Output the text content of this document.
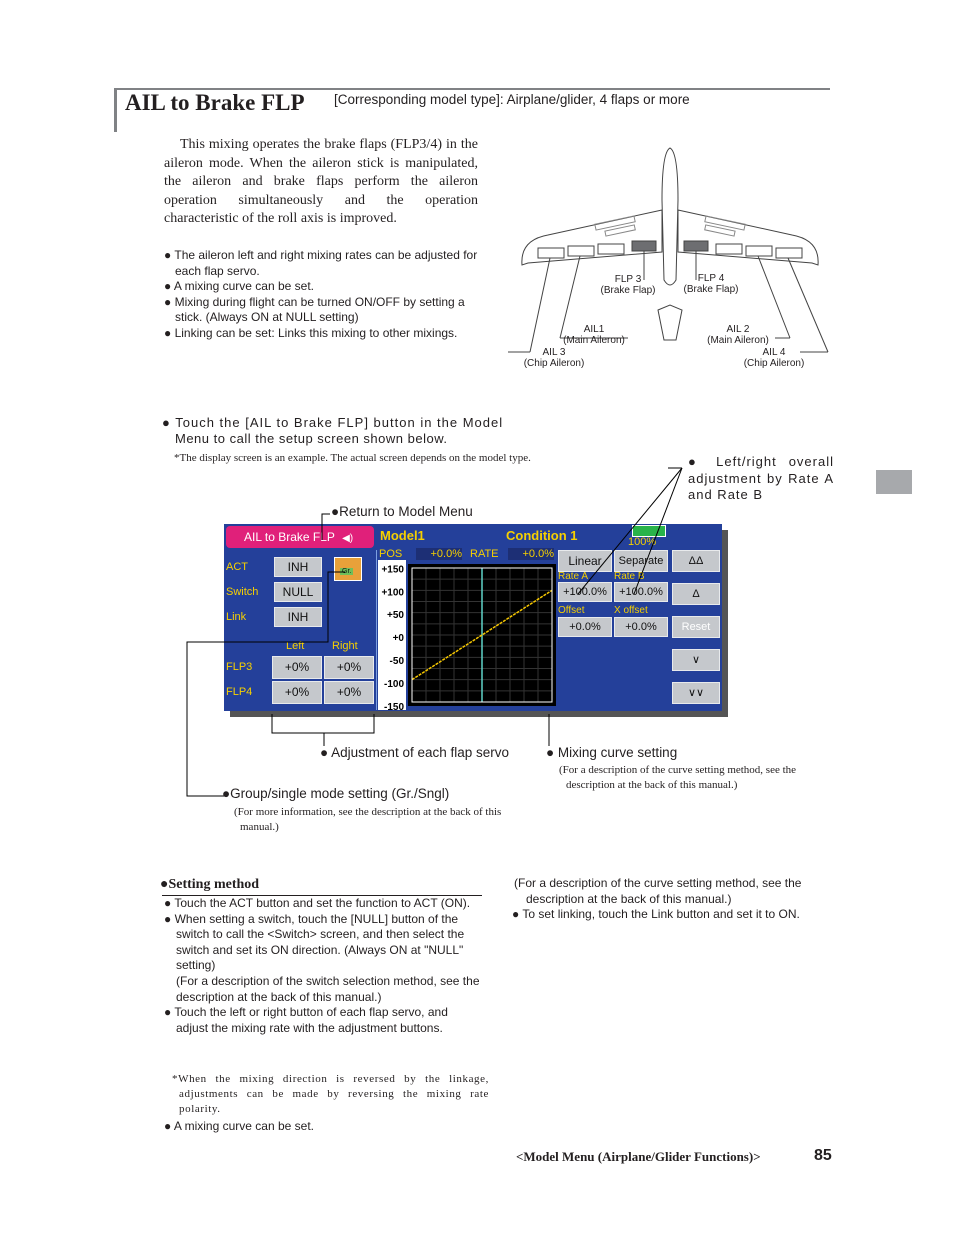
AIL to Brake FLP [Corresponding model type]: Airplane/glider, 4 flaps or more

This mixing operates the brake flaps (FLP3/4) in the aileron mode. When the aileron stick is manipulated, the aileron and brake flaps perform the aileron operation simultaneously and the operation characteristic of the roll axis is improved.

● The aileron left and right mixing rates can be adjusted for each flap servo.
● A mixing curve can be set.
● Mixing during flight can be turned ON/OFF by setting a stick. (Always ON at NULL setting)
● Linking can be set: Links this mixing to other mixings.
FLP 3
(Brake Flap)
FLP 4
(Brake Flap)
AIL1
(Main Aileron)
AIL 2
(Main Aileron)
AIL 3
(Chip Aileron)
AIL 4
(Chip Aileron)
● Touch the [AIL to Brake FLP] button in the Model
Menu to call the setup screen shown below.
*The display screen is an example. The actual screen depends on the model type.	● Left/right overall adjustment by Rate A and Rate B
●Return to Model Menu
AIL to Brake FLP ◀)	Model1	Condition 1	100%
ACT	INH
Switch	NULL
Link	INH
Gr.
Left	Right
FLP3	+0%	+0%
FLP4	+0%	+0%
POS	+0.0% RATE	+0.0%
+150
+100
+50
+0
-50
-100
-150
Linear	Separate
Rate A	Rate B
+100.0%	+100.0%
Offset	X offset
+0.0%	+0.0%
ΔΔ
Δ
Reset
∨
∨∨
● Adjustment of each flap servo	● Mixing curve setting
(For a description of the curve setting method, see the description at the back of this manual.)
●Group/single mode setting (Gr./Sngl)
(For more information, see the description at the back of this manual.)
●Setting method
● Touch the ACT button and set the function to ACT (ON).
● When setting a switch, touch the [NULL] button of the switch to call the <Switch> screen, and then select the switch and set its ON direction. (Always ON at "NULL" setting)
(For a description of the switch selection method, see the description at the back of this manual.)
● Touch the left or right button of each flap servo, and adjust the mixing rate with the adjustment buttons.
*When the mixing direction is reversed by the linkage, adjustments can be made by reversing the mixing rate polarity.
● A mixing curve can be set.
(For a description of the curve setting method, see the description at the back of this manual.)
● To set linking, touch the Link button and set it to ON.
<Model Menu (Airplane/Glider Functions)>	85
